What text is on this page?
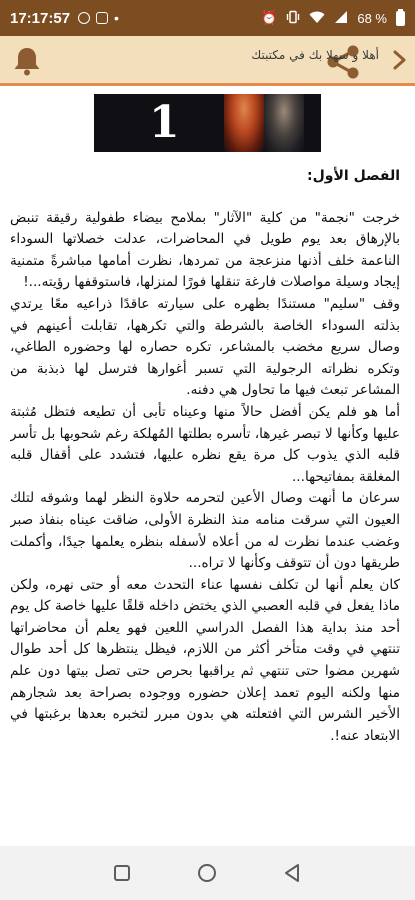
17:17:57	•	⏰	68 %
أهلا و سهلا بك في مكتبتك
1

الفصل الأول:

خرجت "نجمة" من كلية "الآثار" بملامح بيضاء طفولية رقيقة تنبض بالإرهاق بعد يوم طويل في المحاضرات، عدلت خصلاتها السوداء الناعمة خلف أذنها منزعجة من تمردها، نظرت أمامها مباشرةً متمنية إيجاد وسيلة مواصلات فارغة تنقلها فورًا لمنزلها، فاستوقفها رؤيته...!

وقف "سليم" مستندًا بظهره على سيارته عاقدًا ذراعيه معًا يرتدي بذلته السوداء الخاصة بالشرطة والتي تكرهها، تقابلت أعينهم في وصال سريع مخضب بالمشاعر، تكره حصاره لها وحضوره الطاغي، وتكره نظراته الرجولية التي تسبر أغوارها فترسل لها ذبذبة من المشاعر تبعث فيها ما تحاول هي دفنه.

أما هو فلم يكن أفضل حالاً منها وعيناه تأبى أن تطيعه فتظل مُثبتة عليها وكأنها لا تبصر غيرها، تأسره بطلتها المُهلكة رغم شحوبها بل تأسر قلبه الذي يذوب كل مرة يقع نظره عليها، فتشدد على أقفال قلبه المغلقة بمفاتيحها...

سرعان ما أنهت وصال الأعين لتحرمه حلاوة النظر لهما وشوقه لتلك العيون التي سرقت منامه منذ النظرة الأولى، ضاقت عيناه بنفاذ صبر وغضب عندما نظرت له من أعلاه لأسفله بنظره يعلمها جيدًا، وأكملت طريقها دون أن تتوقف وكأنها لا تراه...

كان يعلم أنها لن تكلف نفسها عناء التحدث معه أو حتى نهره، ولكن ماذا يفعل في قلبه العصبي الذي يختض داخله قلقًا عليها خاصة كل يوم أحد منذ بداية هذا الفصل الدراسي اللعين فهو يعلم أن محاضراتها تنتهي في وقت متأخر أكثر من اللازم، فيظل ينتظرها كل أحد طوال شهرين مضوا حتى تنتهي ثم يراقبها بحرص حتى تصل بيتها دون علم منها ولكنه اليوم تعمد إعلان حضوره ووجوده بصراحة بعد شجارهم الأخير الشرس التي افتعلته هي بدون مبرر لتخبره بعدها برغبتها في الابتعاد عنه!.
